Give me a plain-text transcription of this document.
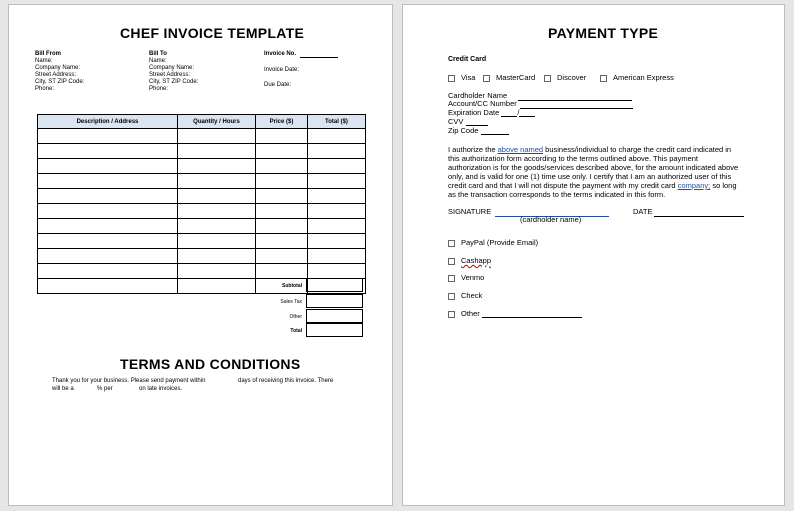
CHEF INVOICE TEMPLATE
Bill From
Name:
Company Name:
Street Address:
City, ST ZIP Code:
Phone:
Bill To
Name:
Company Name:
Street Address:
City, ST ZIP Code:
Phone:
Invoice No.
Invoice Date:
Due Date:
Description / Address	Quantity / Hours	Price ($)	Total ($)

Subtotal
Sales Tax
Other
Total
TERMS AND CONDITIONS
Thank you for your business. Please send payment within	days of receiving this invoice. There
will be a	% per	on late invoices.
PAYMENT TYPE
Credit Card
Visa	MasterCard	Discover	American Express
Cardholder Name
Account/CC Number
Expiration Date /
CVV
Zip Code
I authorize the above named business/individual to charge the credit card indicated in
this authorization form according to the terms outlined above. This payment
authorization is for the goods/services described above, for the amount indicated above
only, and is valid for one (1) time use only. I certify that I am an authorized user of this
credit card and that I will not dispute the payment with my credit card company; so long
as the transaction corresponds to the terms indicated in this form.
SIGNATURE	DATE
(cardholder name)
PayPal (Provide Email)
Cashapp
Venmo
Check
Other
